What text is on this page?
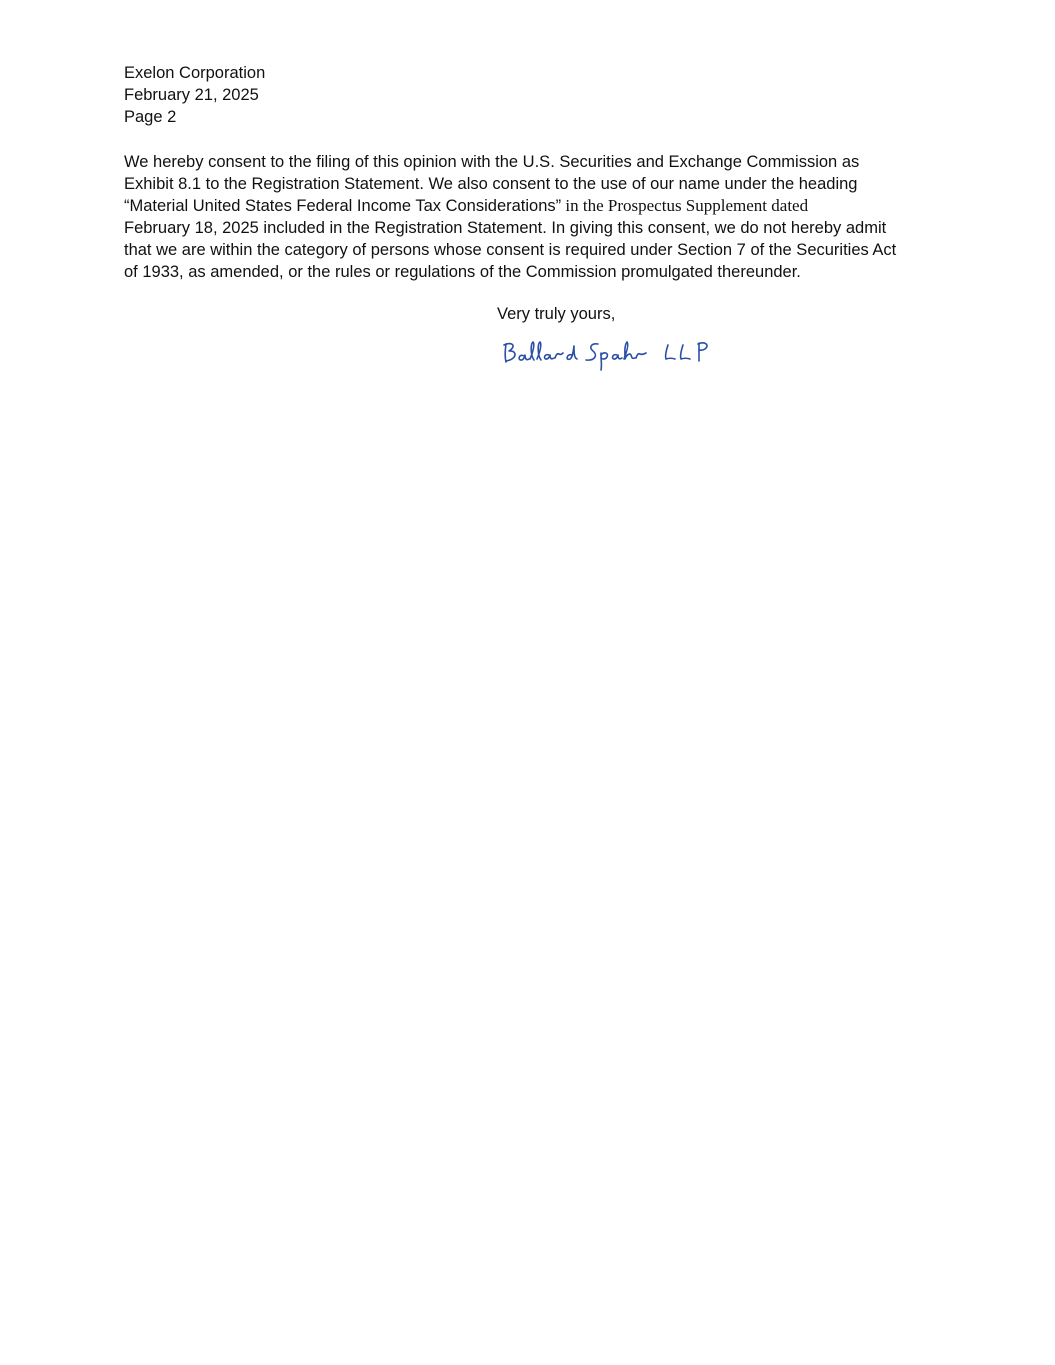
Exelon Corporation
February 21, 2025
Page 2
We hereby consent to the filing of this opinion with the U.S. Securities and Exchange Commission as
Exhibit 8.1 to the Registration Statement. We also consent to the use of our name under the heading
“Material United States Federal Income Tax Considerations” in the Prospectus Supplement dated
February 18, 2025 included in the Registration Statement. In giving this consent, we do not hereby admit
that we are within the category of persons whose consent is required under Section 7 of the Securities Act
of 1933, as amended, or the rules or regulations of the Commission promulgated thereunder.
Very truly yours,
